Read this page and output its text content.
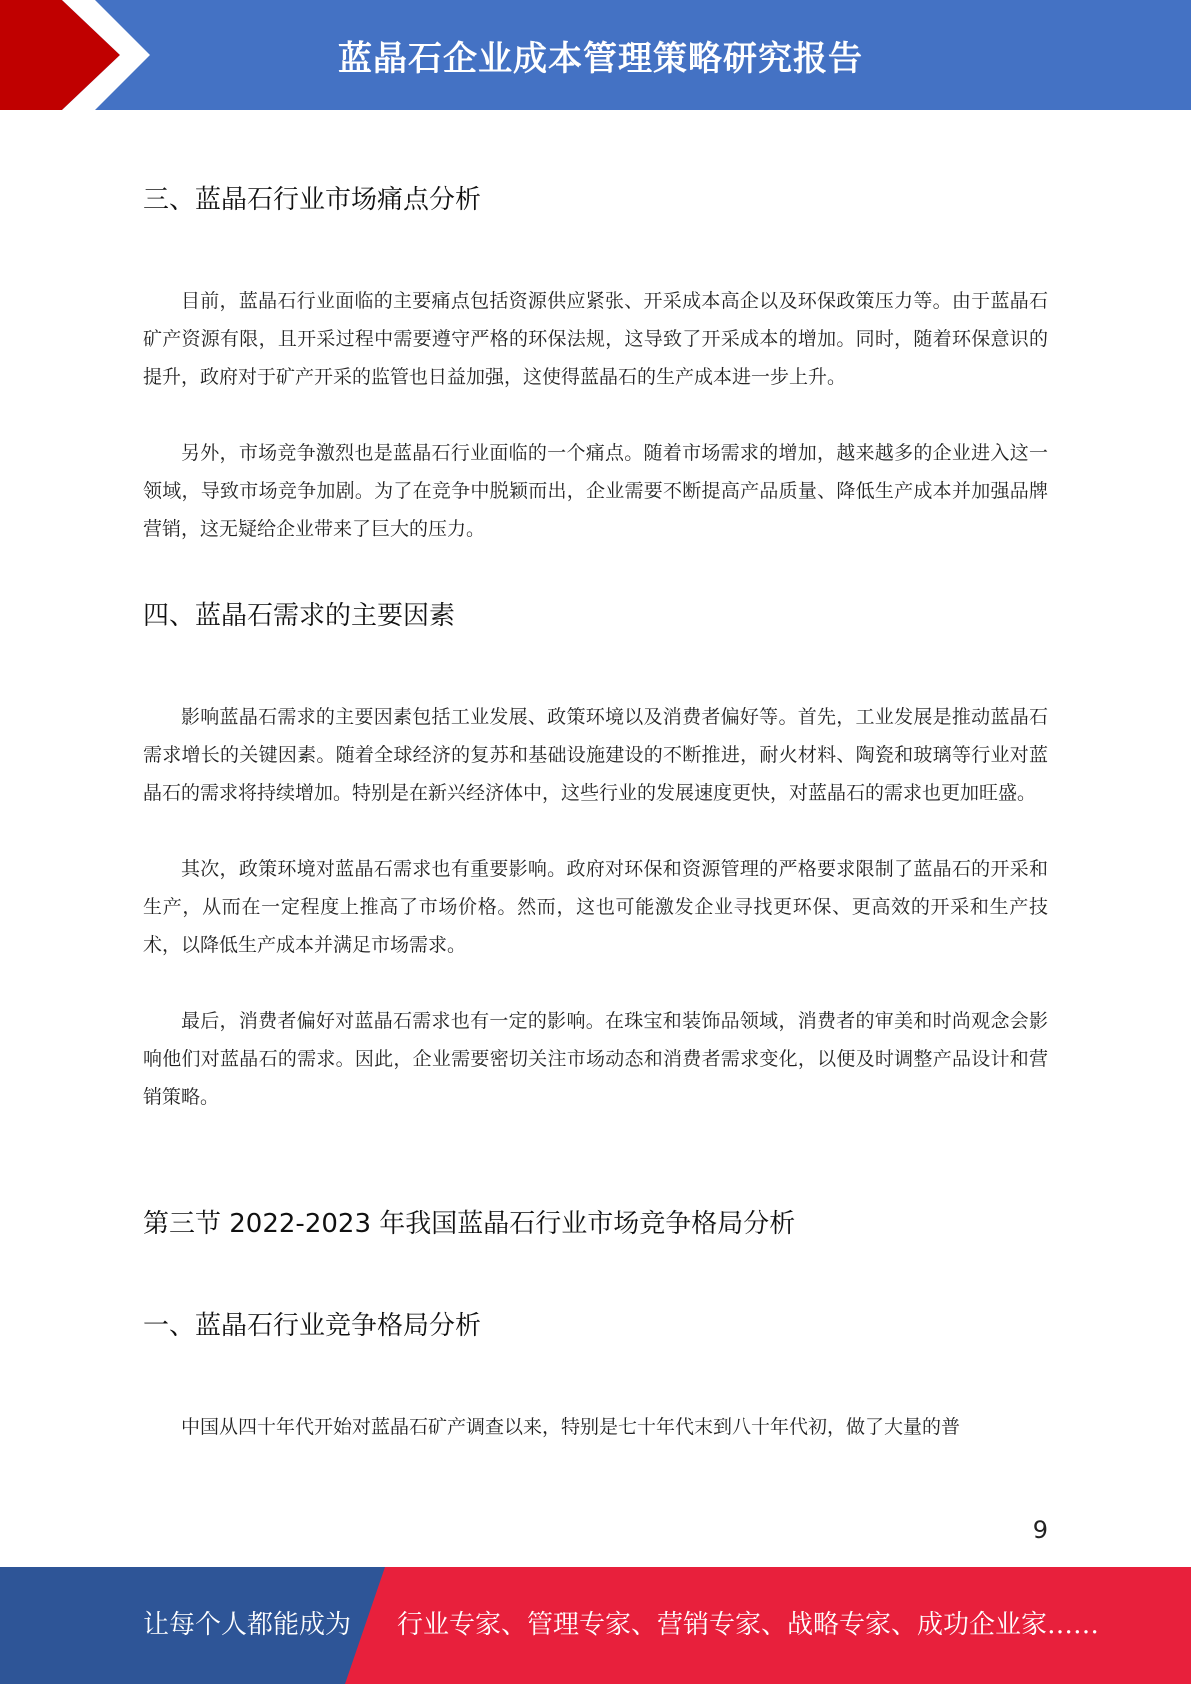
蓝晶石企业成本管理策略研究报告
三、蓝晶石行业市场痛点分析

目前，蓝晶石行业面临的主要痛点包括资源供应紧张、开采成本高企以及环保政策压力等。由于蓝晶石矿产资源有限，且开采过程中需要遵守严格的环保法规，这导致了开采成本的增加。同时，随着环保意识的提升，政府对于矿产开采的监管也日益加强，这使得蓝晶石的生产成本进一步上升。

另外，市场竞争激烈也是蓝晶石行业面临的一个痛点。随着市场需求的增加，越来越多的企业进入这一领域，导致市场竞争加剧。为了在竞争中脱颖而出，企业需要不断提高产品质量、降低生产成本并加强品牌营销，这无疑给企业带来了巨大的压力。

四、蓝晶石需求的主要因素

影响蓝晶石需求的主要因素包括工业发展、政策环境以及消费者偏好等。首先，工业发展是推动蓝晶石需求增长的关键因素。随着全球经济的复苏和基础设施建设的不断推进，耐火材料、陶瓷和玻璃等行业对蓝晶石的需求将持续增加。特别是在新兴经济体中，这些行业的发展速度更快，对蓝晶石的需求也更加旺盛。

其次，政策环境对蓝晶石需求也有重要影响。政府对环保和资源管理的严格要求限制了蓝晶石的开采和生产，从而在一定程度上推高了市场价格。然而，这也可能激发企业寻找更环保、更高效的开采和生产技术，以降低生产成本并满足市场需求。

最后，消费者偏好对蓝晶石需求也有一定的影响。在珠宝和装饰品领域，消费者的审美和时尚观念会影响他们对蓝晶石的需求。因此，企业需要密切关注市场动态和消费者需求变化，以便及时调整产品设计和营销策略。

第三节 2022-2023 年我国蓝晶石行业市场竞争格局分析
一、蓝晶石行业竞争格局分析

中国从四十年代开始对蓝晶石矿产调查以来，特别是七十年代末到八十年代初，做了大量的普

9
让每个人都能成为 行业专家、管理专家、营销专家、战略专家、成功企业家……
